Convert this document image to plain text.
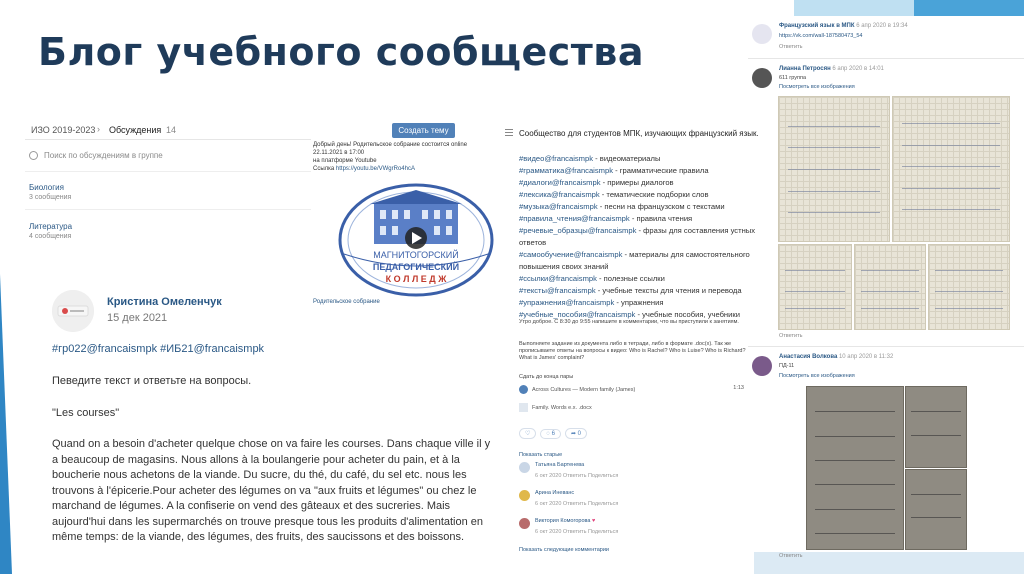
Блог учебного сообщества
ИЗО 2019-2023 › Обсуждения 14
Поиск по обсуждениям в группе
Биология
3 сообщения
Литература
4 сообщения
Создать тему
Добрый день! Родительское собрание состоится online
22.11.2021 в 17:00
на платформе Youtube
Ссылка https://youtu.be/VWgrRo4hcA
МАГНИТОГОРСКИЙ
ПЕДАГОГИЧЕСКИЙ
К О Л Л Е Д Ж
Родительское собрание
Кристина Омеленчук
15 дек 2021
#гр022@francaismpk #ИБ21@francaismpk

Певедите текст и ответьте на вопросы.

"Les courses"

Quand on a besoin d'acheter quelque chose on va faire les courses. Dans chaque ville il y a beaucoup de magasins. Nous allons à la boulangerie pour acheter du pain, et à la boucherie nous achetons de la viande. Du sucre, du thé, du café, du sel etc. nous les trouvons à l'épicerie.Pour acheter des légumes on va "aux fruits et légumes" ou chez le marchand de légumes. A la confiserie on vend des gâteaux et des sucreries. Mais aujourd'hui dans les supermarchés on trouve presque tous les produits d'alimentation en même temps: de la viande, des légumes, des fruits, des saucissons et des boissons.

Сообщество для студентов МПК, изучающих французский язык.
#видео@francaismpk - видеоматериалы
#грамматика@francaismpk - грамматические правила
#диалоги@francaismpk - примеры диалогов
#лексика@francaismpk - тематические подборки слов
#музыка@francaismpk - песни на французском с текстами
#правила_чтения@francaismpk - правила чтения
#речевые_образцы@francaismpk - фразы для составления устных ответов
#самообучение@francaismpk - материалы для самостоятельного повышения своих знаний
#ссылки@francaismpk - полезные ссылки
#тексты@francaismpk - учебные тексты для чтения и перевода
#упражнения@francaismpk - упражнения
#учебные_пособия@francaismpk - учебные пособия, учебники
Утро доброе. С 8:30 до 9:55 напишите в комментарии, что вы приступили к занятиям.
Выполняете задание из документа либо в тетради, либо в формате .doc(x). Так же прописываете ответы на вопросы к видео: Who is Rachel? Who is Luise? Who is Richard? What is James' complaint?
Сдать до конца пары
Across Cultures — Modern family (James)	1:13
Family. Words e.x. .docx
♡	◌ 6	➦ 0
Показать старые
Татьяна Бартенева
6 окт 2020 Ответить Поделиться
Арина Иневанс
6 окт 2020 Ответить Поделиться
Виктория Комогорова ♥
6 окт 2020 Ответить Поделиться
Показать следующие комментарии
Французский язык в МПК 6 апр 2020 в 19:34
https://vk.com/wall-187580473_54
Ответить
Лианна Петросян 6 апр 2020 в 14:01
611 группа
Посмотреть все изображения
Ответить
Анастасия Волкова 10 апр 2020 в 11:32
ПД-11
Посмотреть все изображения
Ответить
